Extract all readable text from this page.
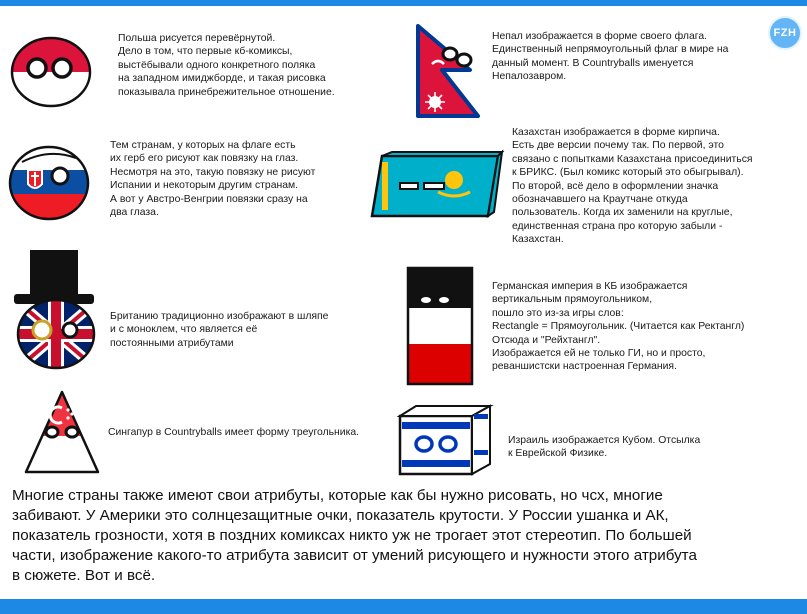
FZH
Польша рисуется перевёрнутой.
Дело в том, что первые кб-комиксы,
выстёбывали одного конкретного поляка
на западном имиджборде, и такая рисовка
показывала принебрежительное отношение.
Непал изображается в форме своего флага.
Единственный непрямоугольный флаг в мире на
данный момент. В Countryballs именуется
Непалозавром.
Тем странам, у которых на флаге есть
их герб его рисуют как повязку на глаз.
Несмотря на это, такую повязку не рисуют
Испании и некоторым другим странам.
А вот у Австро-Венгрии повязки сразу на
два глаза.
Казахстан изображается в форме кирпича.
Есть две версии почему так. По первой, это
связано с попытками Казахстана присоединиться
к БРИКС. (Был комикс который это обыгрывал).
По второй, всё дело в оформлении значка
обозначавшего на Краутчане откуда
пользователь. Когда их заменили на круглые,
единственная страна про которую забыли -
Казахстан.
Британию традиционно изображают в шляпе
и с моноклем, что является её
постоянными атрибутами
Германская империя в КБ изображается
вертикальным прямоугольником,
пошло это из-за игры слов:
Rectangle = Прямоугольник. (Читается как Ректангл)
Отсюда и "Рейхтангл".
Изображается ей не только ГИ, но и просто,
реваншистски настроенная Германия.
Сингапур в Countryballs имеет форму треугольника.
Израиль изображается Кубом. Отсылка
к Еврейской Физике.
Многие страны также имеют свои атрибуты, которые как бы нужно рисовать, но чсх, многие
забивают. У Америки это солнцезащитные очки, показатель крутости. У России ушанка и АК,
показатель грозности, хотя в поздних комиксах никто уж не трогает этот стереотип. По большей
части, изображение какого-то атрибута зависит от умений рисующего и нужности этого атрибута
в сюжете. Вот и всё.
